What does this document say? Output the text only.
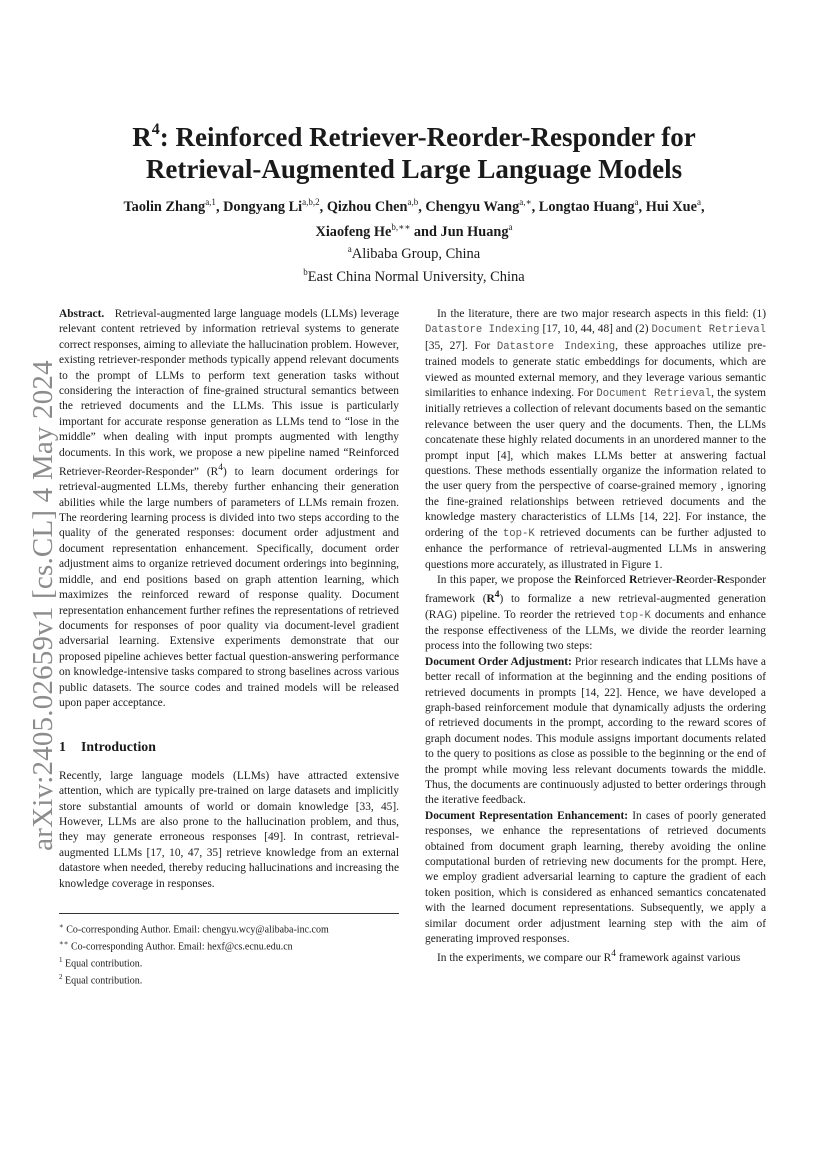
arXiv:2405.02659v1 [cs.CL] 4 May 2024
$R^4$: Reinforced Retriever-Reorder-Responder for
Retrieval-Augmented Large Language Models
Taolin Zhang$^{a,1}$, Dongyang Li$^{a,b,2}$, Qizhou Chen$^{a,b}$, Chengyu Wang$^{a,∗}$, Longtao Huang$^a$, Hui Xue$^a$,
Xiaofeng $He^{b,∗∗}$ and Jun Huang$^a$
$^a$Alibaba Group, China
$^b$East China Normal University, China

Abstract. Retrieval-augmented large language models (LLMs) leverage relevant content retrieved by information retrieval systems to generate correct responses, aiming to alleviate the hallucination problem. However, existing retriever-responder methods typically append relevant documents to the prompt of LLMs to perform text generation tasks without considering the interaction of fine-grained structural semantics between the retrieved documents and the LLMs. This issue is particularly important for accurate response generation as LLMs tend to “lose in the middle” when dealing with input prompts augmented with lengthy documents. In this work, we propose a new pipeline named “Reinforced Retriever-Reorder-Responder” $(R^4)$ to learn document orderings for retrieval-augmented LLMs, thereby further enhancing their generation abilities while the large numbers of parameters of LLMs remain frozen. The reordering learning process is divided into two steps according to the quality of the generated responses: document order adjustment and document representation enhancement. Specifically, document order adjustment aims to organize retrieved document orderings into beginning, middle, and end positions based on graph attention learning, which maximizes the reinforced reward of response quality. Document representation enhancement further refines the representations of retrieved documents for responses of poor quality via document-level gradient adversarial learning. Extensive experiments demonstrate that our proposed pipeline achieves better factual question-answering performance on knowledge-intensive tasks compared to strong baselines across various public datasets. The source codes and trained models will be released upon paper acceptance.

1 Introduction

Recently, large language models (LLMs) have attracted extensive attention, which are typically pre-trained on large datasets and implicitly store substantial amounts of world or domain knowledge [33, 45]. However, LLMs are also prone to the hallucination problem, and thus, they may generate erroneous responses [49]. In contrast, retrieval-augmented LLMs [17, 10, 47, 35] retrieve knowledge from an external datastore when needed, thereby reducing hallucinations and increasing the knowledge coverage in responses.

∗ Co-corresponding Author. Email: chengyu.wcy@alibaba-inc.com
∗∗ Co-corresponding Author. Email: hexf@cs.ecnu.edu.cn
$^1$ Equal contribution.
$^2$ Equal contribution.

In the literature, there are two major research aspects in this field: (1) Datastore Indexing [17, 10, 44, 48] and (2) Document Retrieval [35, 27]. For Datastore Indexing, these approaches utilize pre-trained models to generate static embeddings for documents, which are viewed as mounted external memory, and they leverage various semantic similarities to enhance indexing. For Document Retrieval, the system initially retrieves a collection of relevant documents based on the semantic relevance between the user query and the documents. Then, the LLMs concatenate these highly related documents in an unordered manner to the prompt input [4], which makes LLMs better at answering factual questions. These methods essentially organize the information related to the user query from the perspective of coarse-grained memory , ignoring the fine-grained relationships between retrieved documents and the knowledge mastery characteristics of LLMs [14, 22]. For instance, the ordering of the top-K retrieved documents can be further adjusted to enhance the performance of retrieval-augmented LLMs in answering questions more accurately, as illustrated in Figure 1.

In this paper, we propose the Reinforced Retriever-Reorder-Responder framework $(R^4)$ to formalize a new retrieval-augmented generation (RAG) pipeline. To reorder the retrieved top-K documents and enhance the response effectiveness of the LLMs, we divide the reorder learning process into the following two steps:

Document Order Adjustment: Prior research indicates that LLMs have a better recall of information at the beginning and the ending positions of retrieved documents in prompts [14, 22]. Hence, we have developed a graph-based reinforcement module that dynamically adjusts the ordering of retrieved documents in the prompt, according to the reward scores of graph document nodes. This module assigns important documents related to the query to positions as close as possible to the beginning or the end of the prompt while moving less relevant documents towards the middle. Thus, the documents are continuously adjusted to better orderings through the iterative feedback.

Document Representation Enhancement: In cases of poorly generated responses, we enhance the representations of retrieved documents obtained from document graph learning, thereby avoiding the online computational burden of retrieving new documents for the prompt. Here, we employ gradient adversarial learning to capture the gradient of each token position, which is considered as enhanced semantics concatenated with the learned document representations. Subsequently, we apply a similar document order adjustment learning step with the aim of generating improved responses.

In the experiments, we compare our $R^4$ framework against various
